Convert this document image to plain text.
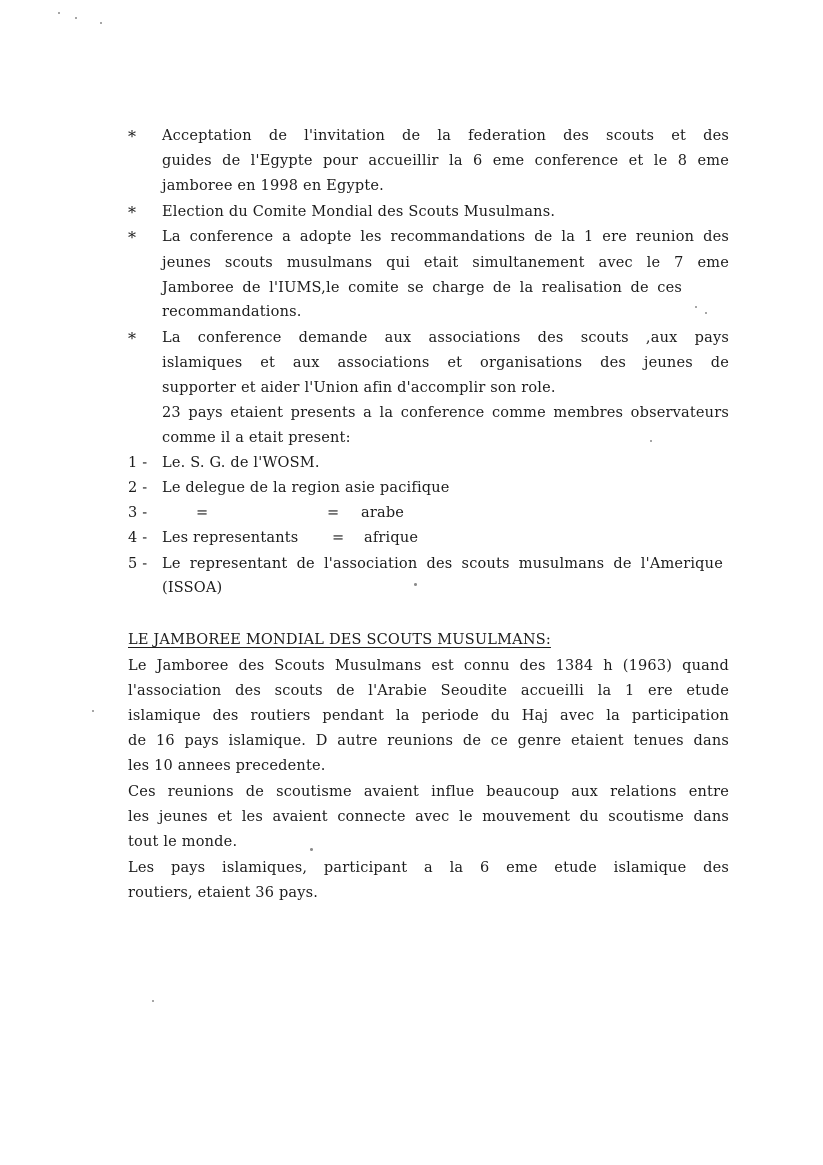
* Acceptation de l'invitation de la federation des scouts et des
guides de l'Egypte pour accueillir la 6 eme conference et le 8 eme
jamboree en 1998 en Egypte.
* Election du Comite Mondial des Scouts Musulmans.
* La conference a adopte les recommandations de la 1 ere reunion des
jeunes scouts musulmans qui etait simultanement avec le 7 eme
Jamboree de l'IUMS,le comite se charge de la realisation de ces
recommandations.
* La conference demande aux associations des scouts ,aux pays
islamiques et aux associations et organisations des jeunes de
supporter et aider l'Union afin d'accomplir son role.
23 pays etaient presents a la conference comme membres observateurs
comme il a etait present:
1 - Le. S. G. de l'WOSM.
2 - Le delegue de la region asie pacifique
3 -	=	= arabe
4 - Les representants = afrique
5 - Le representant de l'association des scouts musulmans de l'Amerique
(ISSOA)
LE JAMBOREE MONDIAL DES SCOUTS MUSULMANS:
Le Jamboree des Scouts Musulmans est connu des 1384 h (1963) quand
l'association des scouts de l'Arabie Seoudite accueilli la 1 ere etude
islamique des routiers pendant la periode du Haj avec la participation
de 16 pays islamique. D autre reunions de ce genre etaient tenues dans
les 10 annees precedente.
Ces reunions de scoutisme avaient influe beaucoup aux relations entre
les jeunes et les avaient connecte avec le mouvement du scoutisme dans
tout le monde.
Les pays islamiques, participant a la 6 eme etude islamique des
routiers, etaient 36 pays.
